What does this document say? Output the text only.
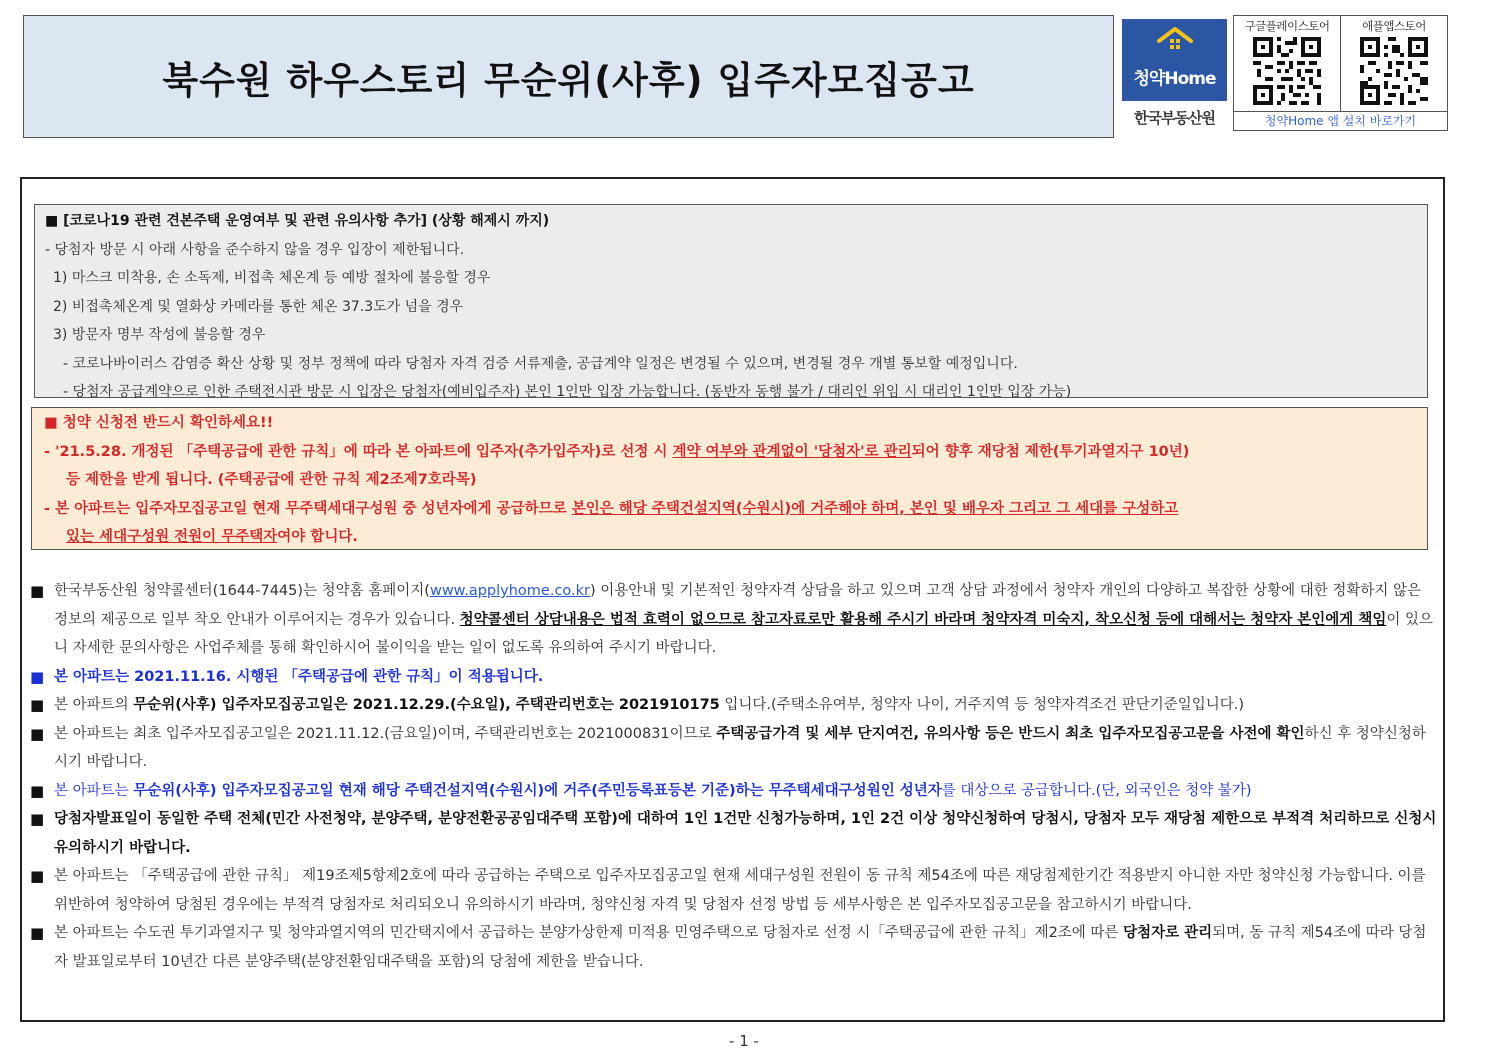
북수원 하우스토리 무순위(사후) 입주자모집공고	청약Home
한국부동산원
구글플레이스토어	애플앱스토어
청약Home 앱 설치 바로가기
■ [코로나19 관련 견본주택 운영여부 및 관련 유의사항 추가] (상황 해제시 까지)
- 당첨자 방문 시 아래 사항을 준수하지 않을 경우 입장이 제한됩니다.
1) 마스크 미착용, 손 소독제, 비접촉 체온계 등 예방 절차에 불응할 경우
2) 비접촉체온계 및 열화상 카메라를 통한 체온 37.3도가 넘을 경우
3) 방문자 명부 작성에 불응할 경우
- 코로나바이러스 감염증 확산 상황 및 정부 정책에 따라 당첨자 자격 검증 서류제출, 공급계약 일정은 변경될 수 있으며, 변경될 경우 개별 통보할 예정입니다.
- 당첨자 공급계약으로 인한 주택전시관 방문 시 입장은 당첨자(예비입주자) 본인 1인만 입장 가능합니다. (동반자 동행 불가 / 대리인 위임 시 대리인 1인만 입장 가능)
■ 청약 신청전 반드시 확인하세요!!
- '21.5.28. 개정된 「주택공급에 관한 규칙」에 따라 본 아파트에 입주자(추가입주자)로 선정 시 계약 여부와 관계없이 '당첨자'로 관리되어 향후 재당첨 제한(투기과열지구 10년)
등 제한을 받게 됩니다. (주택공급에 관한 규칙 제2조제7호라목)
- 본 아파트는 입주자모집공고일 현재 무주택세대구성원 중 성년자에게 공급하므로 본인은 해당 주택건설지역(수원시)에 거주해야 하며, 본인 및 배우자 그리고 그 세대를 구성하고
있는 세대구성원 전원이 무주택자여야 합니다.
■ 한국부동산원 청약콜센터(1644-7445)는 청약홈 홈페이지(www.applyhome.co.kr) 이용안내 및 기본적인 청약자격 상담을 하고 있으며 고객 상담 과정에서 청약자 개인의 다양하고 복잡한 상황에 대한 정확하지 않은 정보의 제공으로 일부 착오 안내가 이루어지는 경우가 있습니다. 청약콜센터 상담내용은 법적 효력이 없으므로 참고자료로만 활용해 주시기 바라며 청약자격 미숙지, 착오신청 등에 대해서는 청약자 본인에게 책임이 있으니 자세한 문의사항은 사업주체를 통해 확인하시어 불이익을 받는 일이 없도록 유의하여 주시기 바랍니다.
■ 본 아파트는 2021.11.16. 시행된 「주택공급에 관한 규칙」이 적용됩니다.
■ 본 아파트의 무순위(사후) 입주자모집공고일은 2021.12.29.(수요일), 주택관리번호는 2021910175 입니다.(주택소유여부, 청약자 나이, 거주지역 등 청약자격조건 판단기준일입니다.)
■ 본 아파트는 최초 입주자모집공고일은 2021.11.12.(금요일)이며, 주택관리번호는 2021000831이므로 주택공급가격 및 세부 단지여건, 유의사항 등은 반드시 최초 입주자모집공고문을 사전에 확인하신 후 청약신청하시기 바랍니다.
■ 본 아파트는 무순위(사후) 입주자모집공고일 현재 해당 주택건설지역(수원시)에 거주(주민등록표등본 기준)하는 무주택세대구성원인 성년자를 대상으로 공급합니다.(단, 외국인은 청약 불가)
■ 당첨자발표일이 동일한 주택 전체(민간 사전청약, 분양주택, 분양전환공공임대주택 포함)에 대하여 1인 1건만 신청가능하며, 1인 2건 이상 청약신청하여 당첨시, 당첨자 모두 재당첨 제한으로 부적격 처리하므로 신청시 유의하시기 바랍니다.
■ 본 아파트는 「주택공급에 관한 규칙」 제19조제5항제2호에 따라 공급하는 주택으로 입주자모집공고일 현재 세대구성원 전원이 동 규칙 제54조에 따른 재당첨제한기간 적용받지 아니한 자만 청약신청 가능합니다. 이를 위반하여 청약하여 당첨된 경우에는 부적격 당첨자로 처리되오니 유의하시기 바라며, 청약신청 자격 및 당첨자 선정 방법 등 세부사항은 본 입주자모집공고문을 참고하시기 바랍니다.
■ 본 아파트는 수도권 투기과열지구 및 청약과열지역의 민간택지에서 공급하는 분양가상한제 미적용 민영주택으로 당첨자로 선정 시「주택공급에 관한 규칙」제2조에 따른 당첨자로 관리되며, 동 규칙 제54조에 따라 당첨자 발표일로부터 10년간 다른 분양주택(분양전환임대주택을 포함)의 당첨에 제한을 받습니다.
- 1 -
